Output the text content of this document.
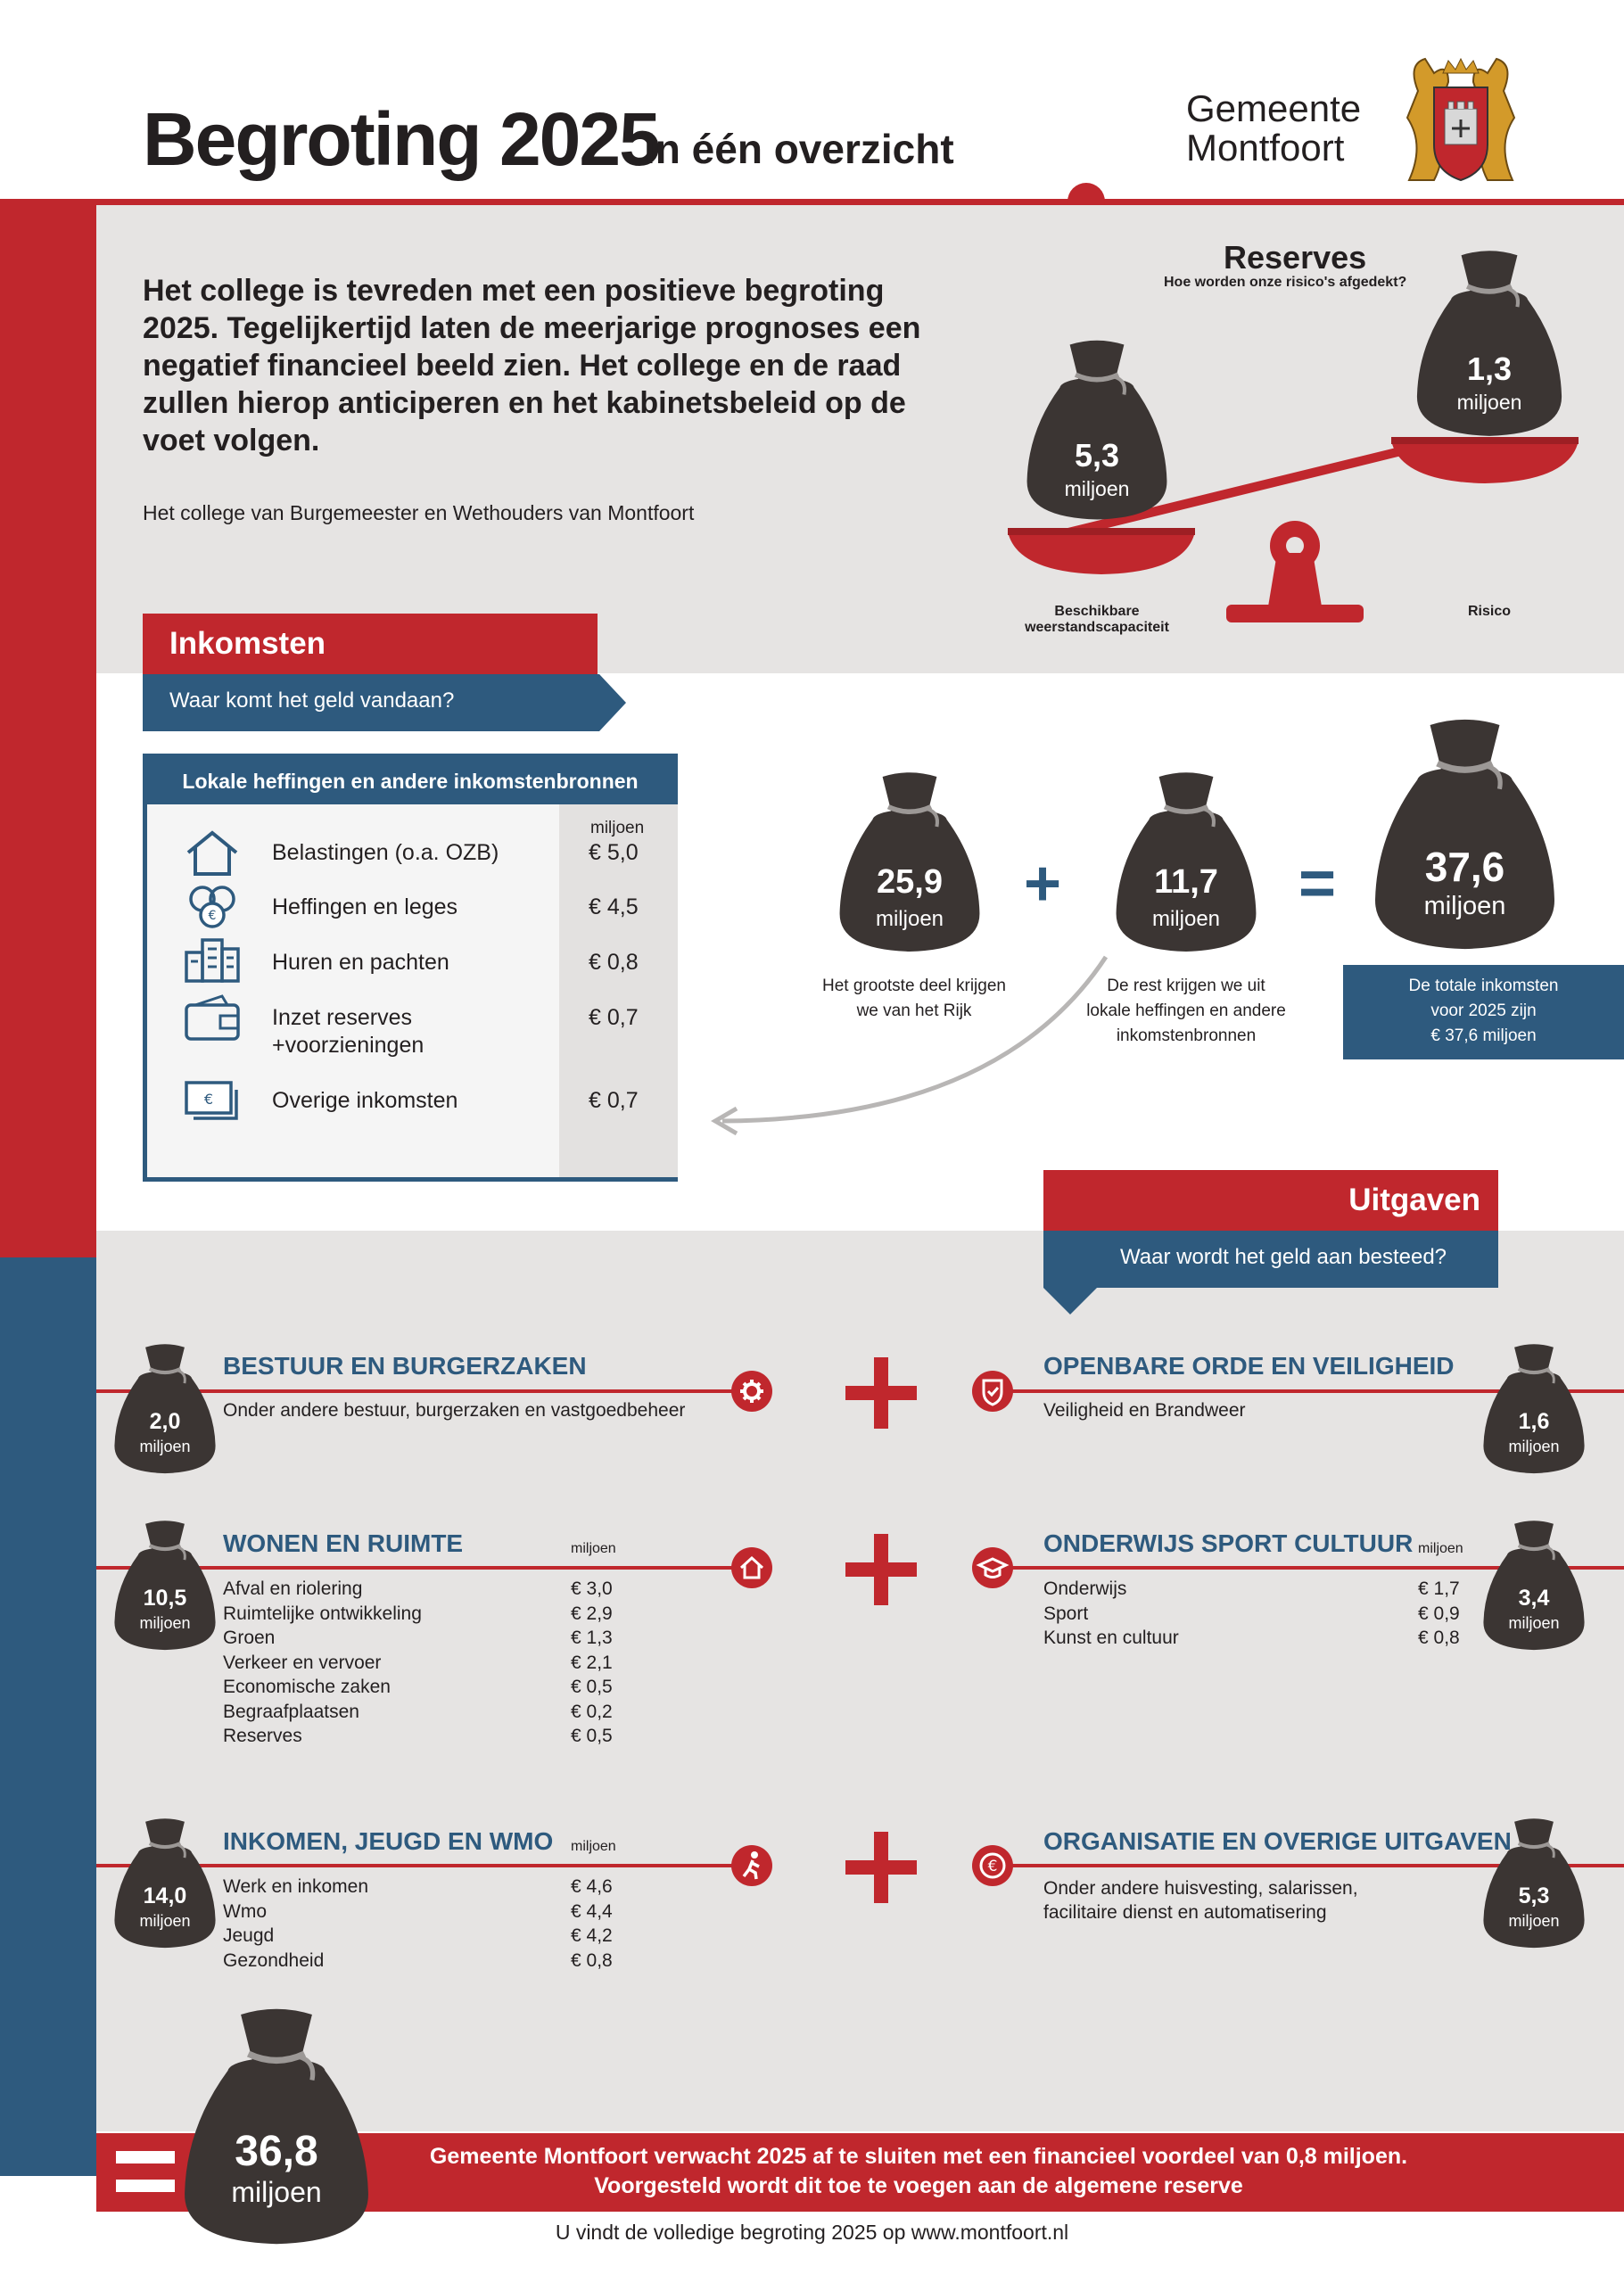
Begroting 2025
in één overzicht
Gemeente
Montfoort
Het college is tevreden met een positieve begroting 2025. Tegelijkertijd laten de meerjarige prognoses een negatief financieel beeld zien. Het college en de raad zullen hierop anticiperen en het kabinetsbeleid op de voet volgen.
Het college van Burgemeester en Wethouders van Montfoort
Reserves
Hoe worden onze risico's afgedekt?
5,3
miljoen
1,3
miljoen
Beschikbare
weerstandscapaciteit
Risico
Inkomsten
Waar komt het geld vandaan?
Lokale heffingen en andere inkomstenbronnen
miljoen
Belastingen (o.a. OZB)	€ 5,0
€	Heffingen en leges	€ 4,5
Huren en pachten	€ 0,8
Inzet reserves
+voorzieningen
€ 0,7
€	Overige inkomsten	€ 0,7
25,9
miljoen	+	11,7
miljoen	=	37,6
miljoen
Het grootste deel krijgen
we van het Rijk
De rest krijgen we uit
lokale heffingen en andere
inkomstenbronnen
De totale inkomsten
voor 2025 zijn
€ 37,6 miljoen
Uitgaven
Waar wordt het geld aan besteed?
2,0
miljoen
BESTUUR EN BURGERZAKEN
Onder andere bestuur, burgerzaken en vastgoedbeheer
OPENBARE ORDE EN VEILIGHEID
Veiligheid en Brandweer	1,6
miljoen
10,5
miljoen
WONEN EN RUIMTE	miljoen
Afval en riolering	€ 3,0
Ruimtelijke ontwikkeling	€ 2,9
Groen	€ 1,3
Verkeer en vervoer	€ 2,1
Economische zaken	€ 0,5
Begraafplaatsen	€ 0,2
Reserves	€ 0,5
ONDERWIJS SPORT CULTUUR miljoen
Onderwijs	€ 1,7
Sport	€ 0,9
Kunst en cultuur	€ 0,8
3,4
miljoen
14,0
miljoen
INKOMEN, JEUGD EN WMO miljoen
Werk en inkomen	€ 4,6
Wmo	€ 4,4
Jeugd	€ 4,2
Gezondheid	€ 0,8
€
ORGANISATIE EN OVERIGE UITGAVEN
Onder andere huisvesting, salarissen,
facilitaire dienst en automatisering
5,3
miljoen
36,8
miljoen
Gemeente Montfoort verwacht 2025 af te sluiten met een financieel voordeel van 0,8 miljoen.
Voorgesteld wordt dit toe te voegen aan de algemene reserve
U vindt de volledige begroting 2025 op www.montfoort.nl
